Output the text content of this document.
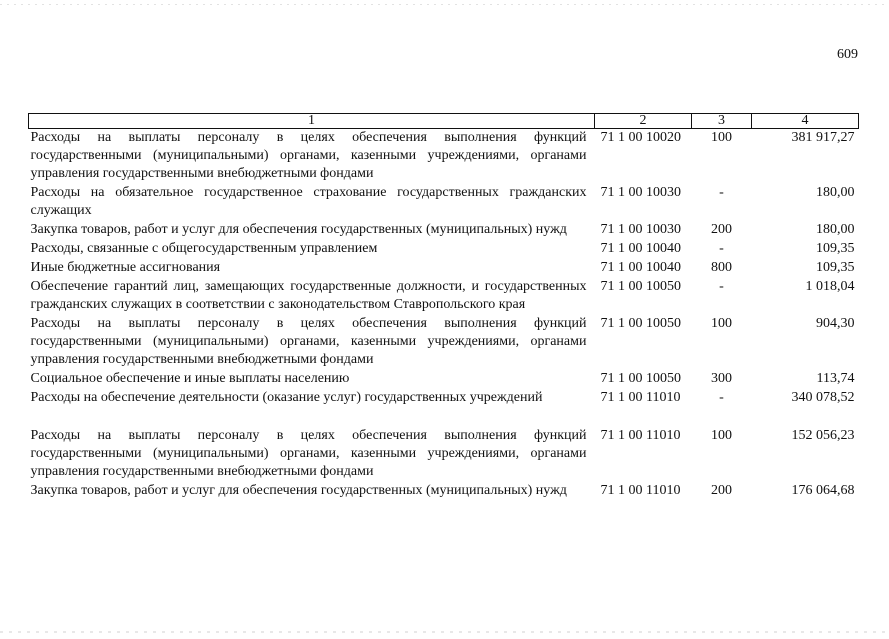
609
1	2	3	4
Расходы на выплаты персоналу в целях обеспечения выполнения функций государственными (муниципальными) органами, казенными учреждениями, органами управления государственными внебюджетными фондами	71 1 00 10020	100	381 917,27
Расходы на обязательное государственное страхование государственных гражданских служащих	71 1 00 10030	-	180,00
Закупка товаров, работ и услуг для обеспечения государственных (муниципальных) нужд	71 1 00 10030	200	180,00
Расходы, связанные с общегосударственным управлением	71 1 00 10040	-	109,35
Иные бюджетные ассигнования	71 1 00 10040	800	109,35
Обеспечение гарантий лиц, замещающих государственные должности, и государственных гражданских служащих в соответствии с законодательством Ставропольского края	71 1 00 10050	-	1 018,04
Расходы на выплаты персоналу в целях обеспечения выполнения функций государственными (муниципальными) органами, казенными учреждениями, органами управления государственными внебюджетными фондами	71 1 00 10050	100	904,30
Социальное обеспечение и иные выплаты населению	71 1 00 10050	300	113,74
Расходы на обеспечение деятельности (оказание услуг) государственных учреждений	71 1 00 11010	-	340 078,52
Расходы на выплаты персоналу в целях обеспечения выполнения функций государственными (муниципальными) органами, казенными учреждениями, органами управления государственными внебюджетными фондами	71 1 00 11010	100	152 056,23
Закупка товаров, работ и услуг для обеспечения государственных (муниципальных) нужд	71 1 00 11010	200	176 064,68
